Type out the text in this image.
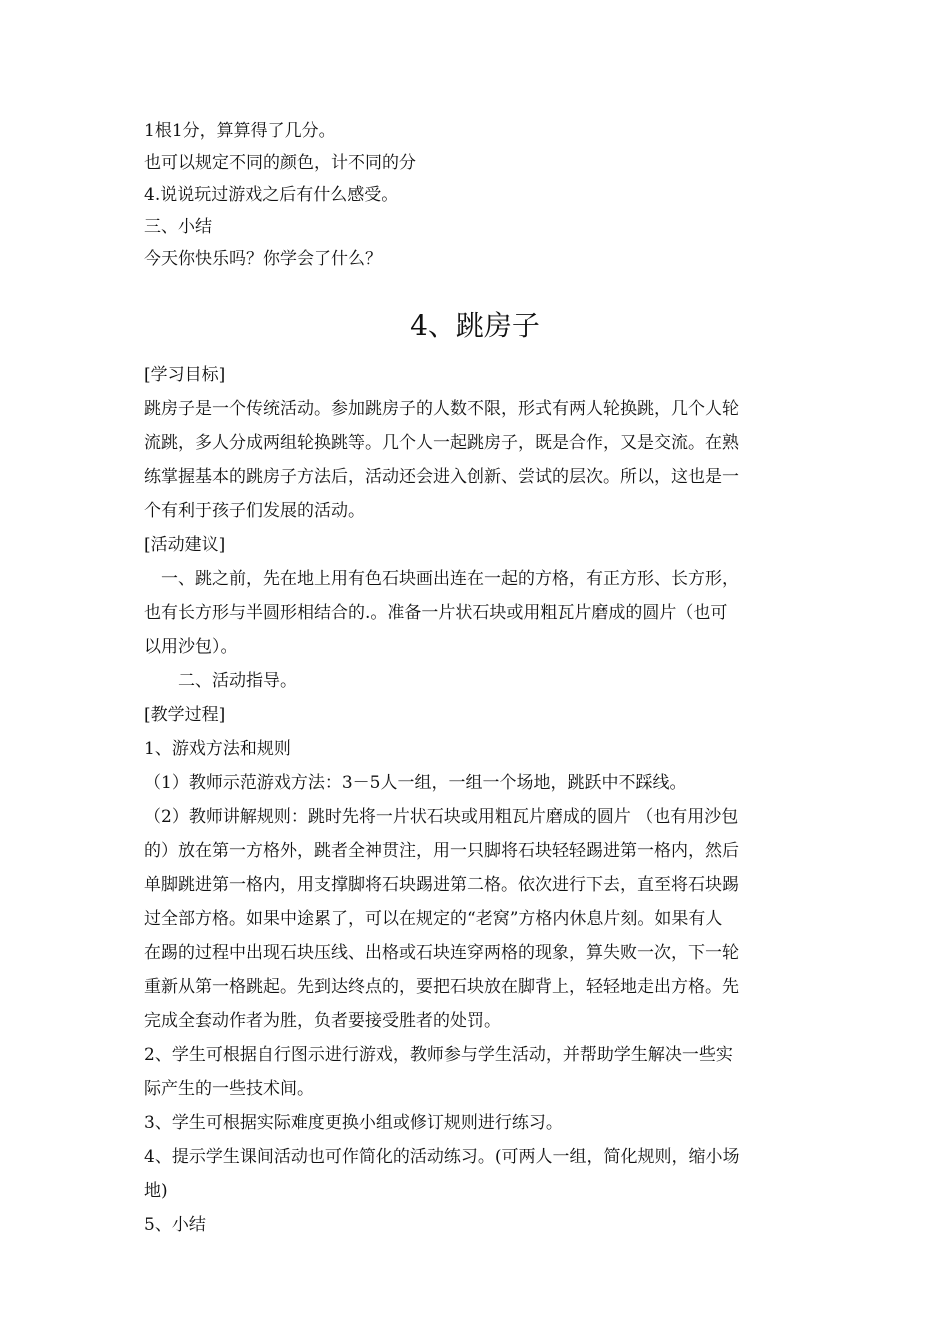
1根1分，算算得了几分。
也可以规定不同的颜色，计不同的分
4.说说玩过游戏之后有什么感受。
三、小结
今天你快乐吗？你学会了什么？
4、跳房子
[学习目标]
跳房子是一个传统活动。参加跳房子的人数不限，形式有两人轮换跳，几个人轮
流跳，多人分成两组轮换跳等。几个人一起跳房子，既是合作，又是交流。在熟
练掌握基本的跳房子方法后，活动还会进入创新、尝试的层次。所以，这也是一
个有利于孩子们发展的活动。
[活动建议]
　一、跳之前，先在地上用有色石块画出连在一起的方格，有正方形、长方形，
也有长方形与半圆形相结合的.。准备一片状石块或用粗瓦片磨成的圆片（也可
以用沙包）。
　　二、活动指导。
[教学过程]
1、游戏方法和规则
（1）教师示范游戏方法：3－5人一组，一组一个场地，跳跃中不踩线。
（2）教师讲解规则：跳时先将一片状石块或用粗瓦片磨成的圆片 （也有用沙包
的）放在第一方格外，跳者全神贯注，用一只脚将石块轻轻踢进第一格内，然后
单脚跳进第一格内，用支撑脚将石块踢进第二格。依次进行下去，直至将石块踢
过全部方格。如果中途累了，可以在规定的“老窝”方格内休息片刻。如果有人
在踢的过程中出现石块压线、出格或石块连穿两格的现象，算失败一次，下一轮
重新从第一格跳起。先到达终点的，要把石块放在脚背上，轻轻地走出方格。先
完成全套动作者为胜，负者要接受胜者的处罚。
2、学生可根据自行图示进行游戏，教师参与学生活动，并帮助学生解决一些实
际产生的一些技术间。
3、学生可根据实际难度更换小组或修订规则进行练习。
4、提示学生课间活动也可作简化的活动练习。(可两人一组，简化规则，缩小场
地)
5、小结
